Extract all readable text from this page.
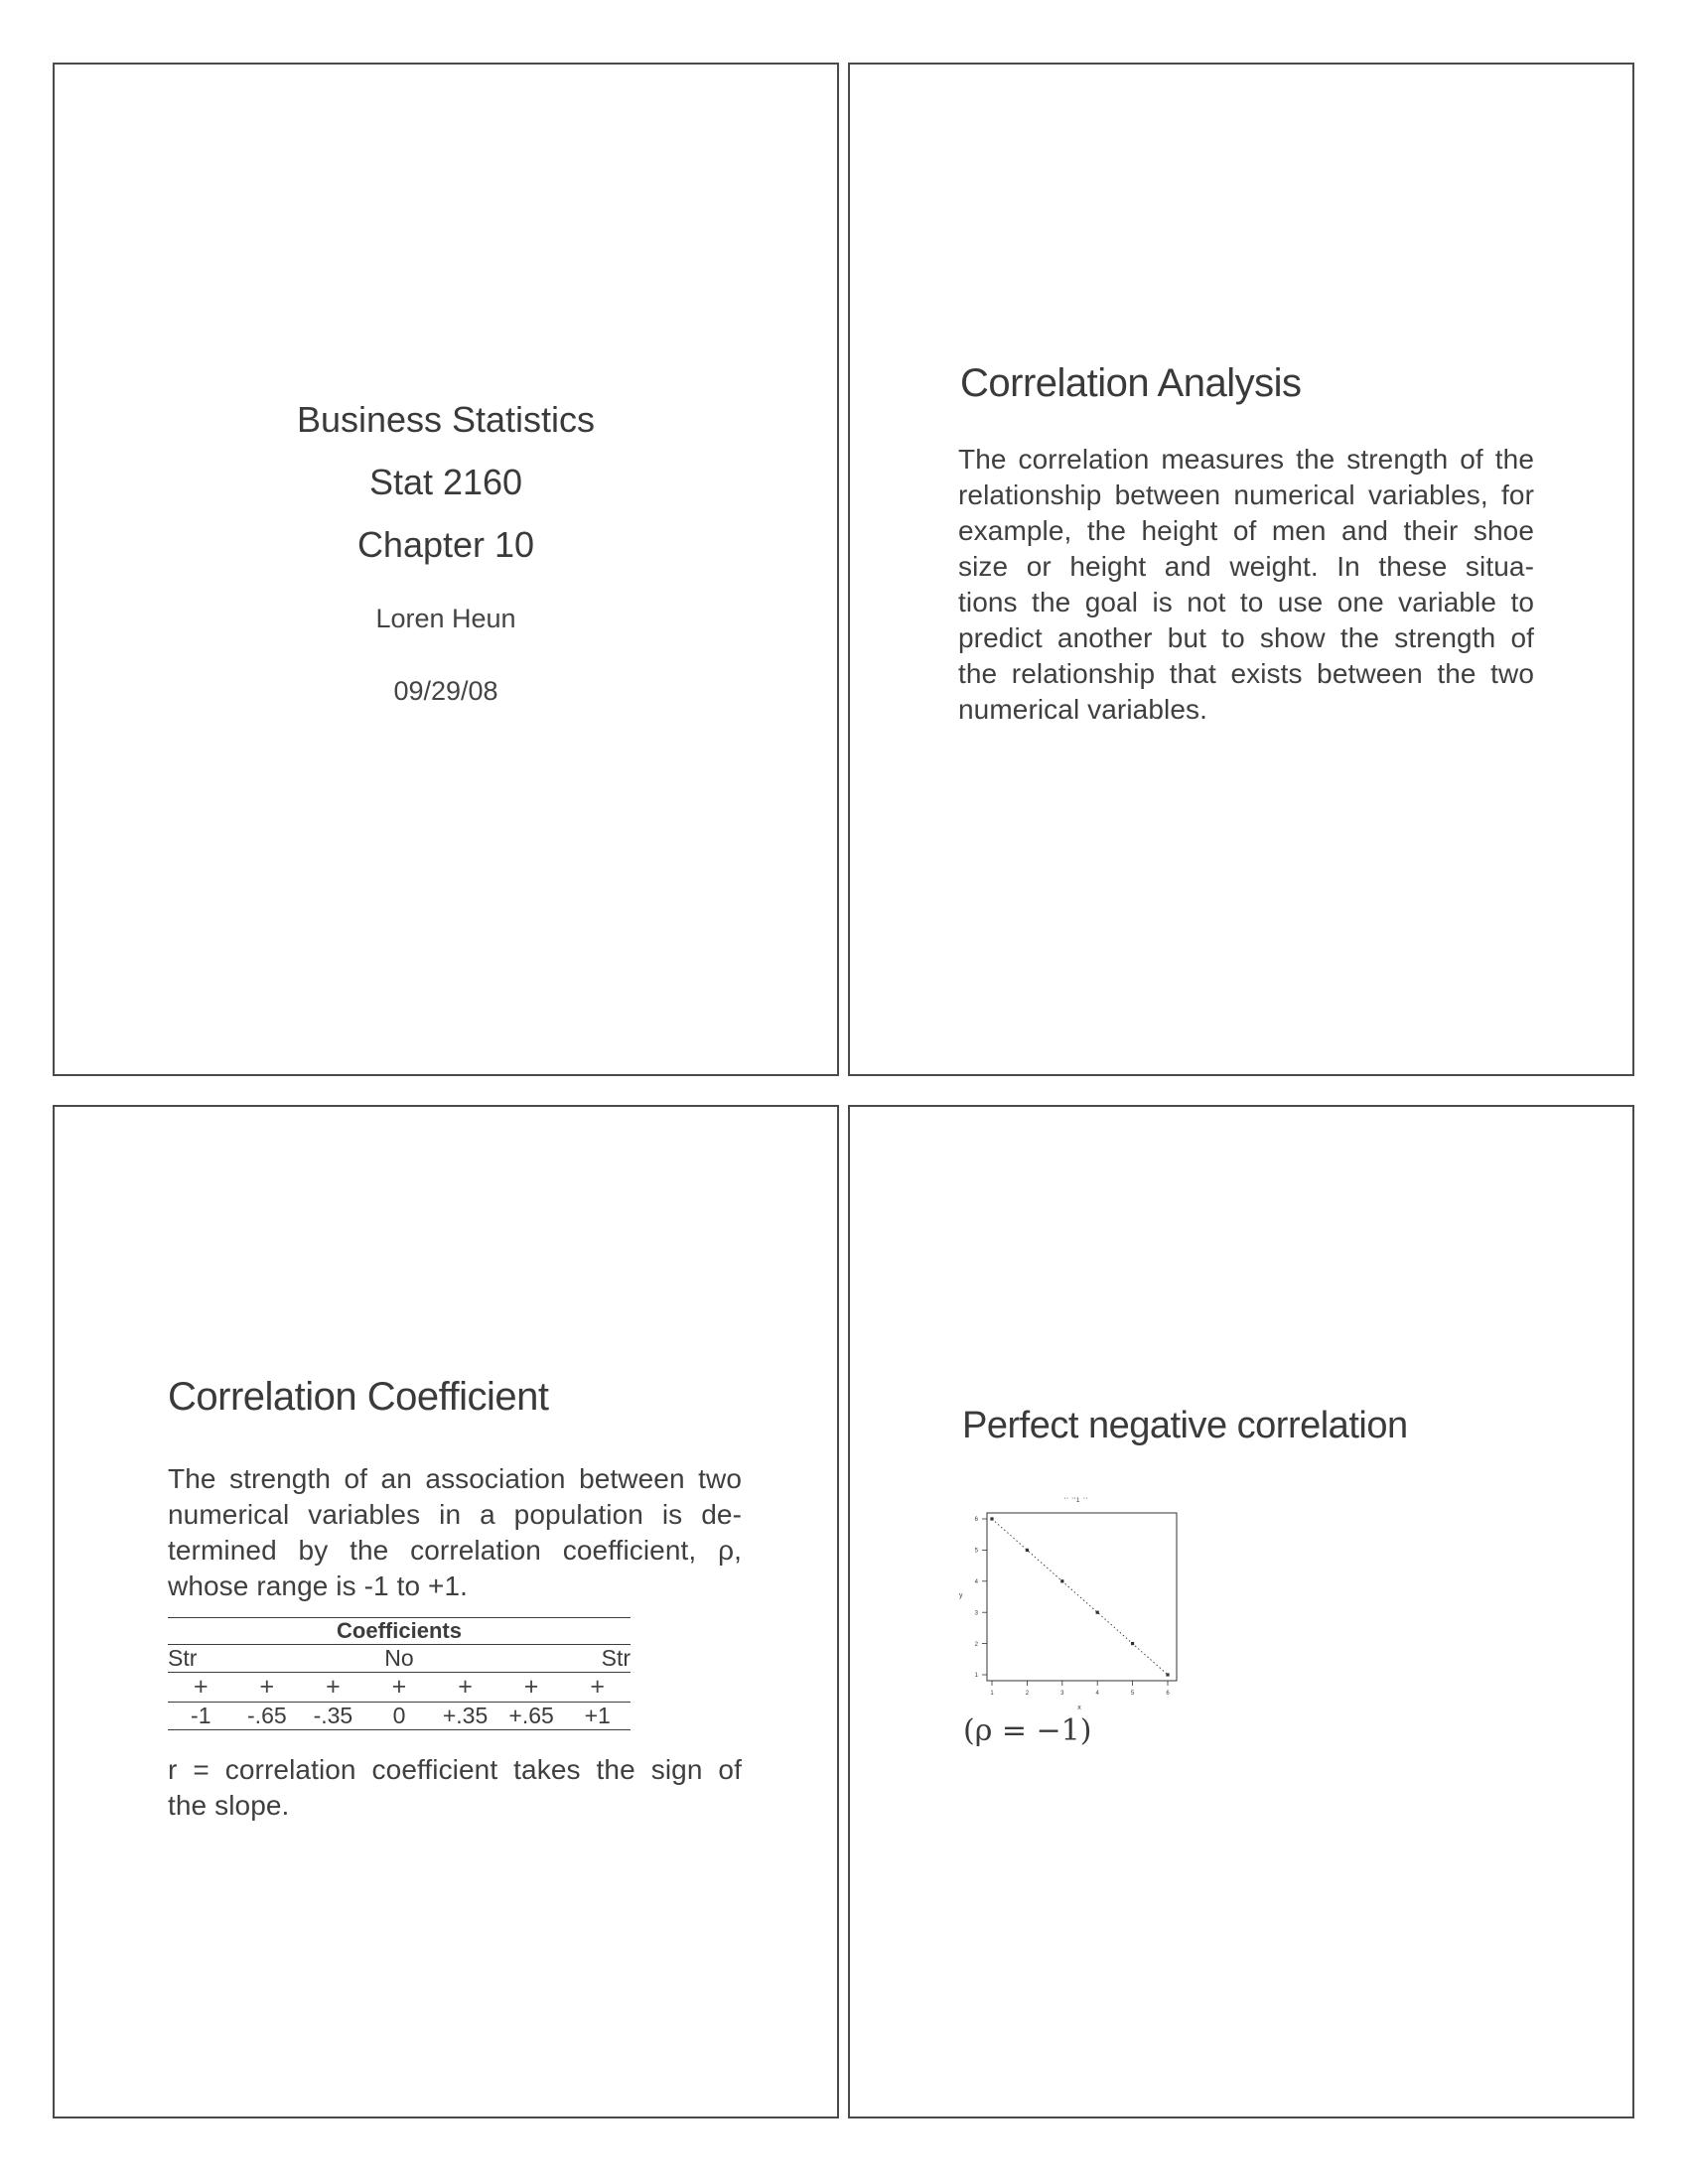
Business Statistics
Stat 2160
Chapter 10
Loren Heun
09/29/08
Correlation Analysis
The correlation measures the strength of the
relationship between numerical variables, for
example, the height of men and their shoe
size or height and weight. In these situa-
tions the goal is not to use one variable to
predict another but to show the strength of
the relationship that exists between the two
numerical variables.
Correlation Coefficient
The strength of an association between two
numerical variables in a population is de-
termined by the correlation coefficient, ρ,
whose range is -1 to +1.
Coefficients						
Str			No			Str
+	+	+	+	+	+	+
-1	-.65	-.35	0	+.35	+.65	+1
r = correlation coefficient takes the sign of
the slope.
Perfect negative correlation
'' ''1 ''
1	2	3	4	5	6
6
5
4
3
2
1
y
x
(ρ = −1)
